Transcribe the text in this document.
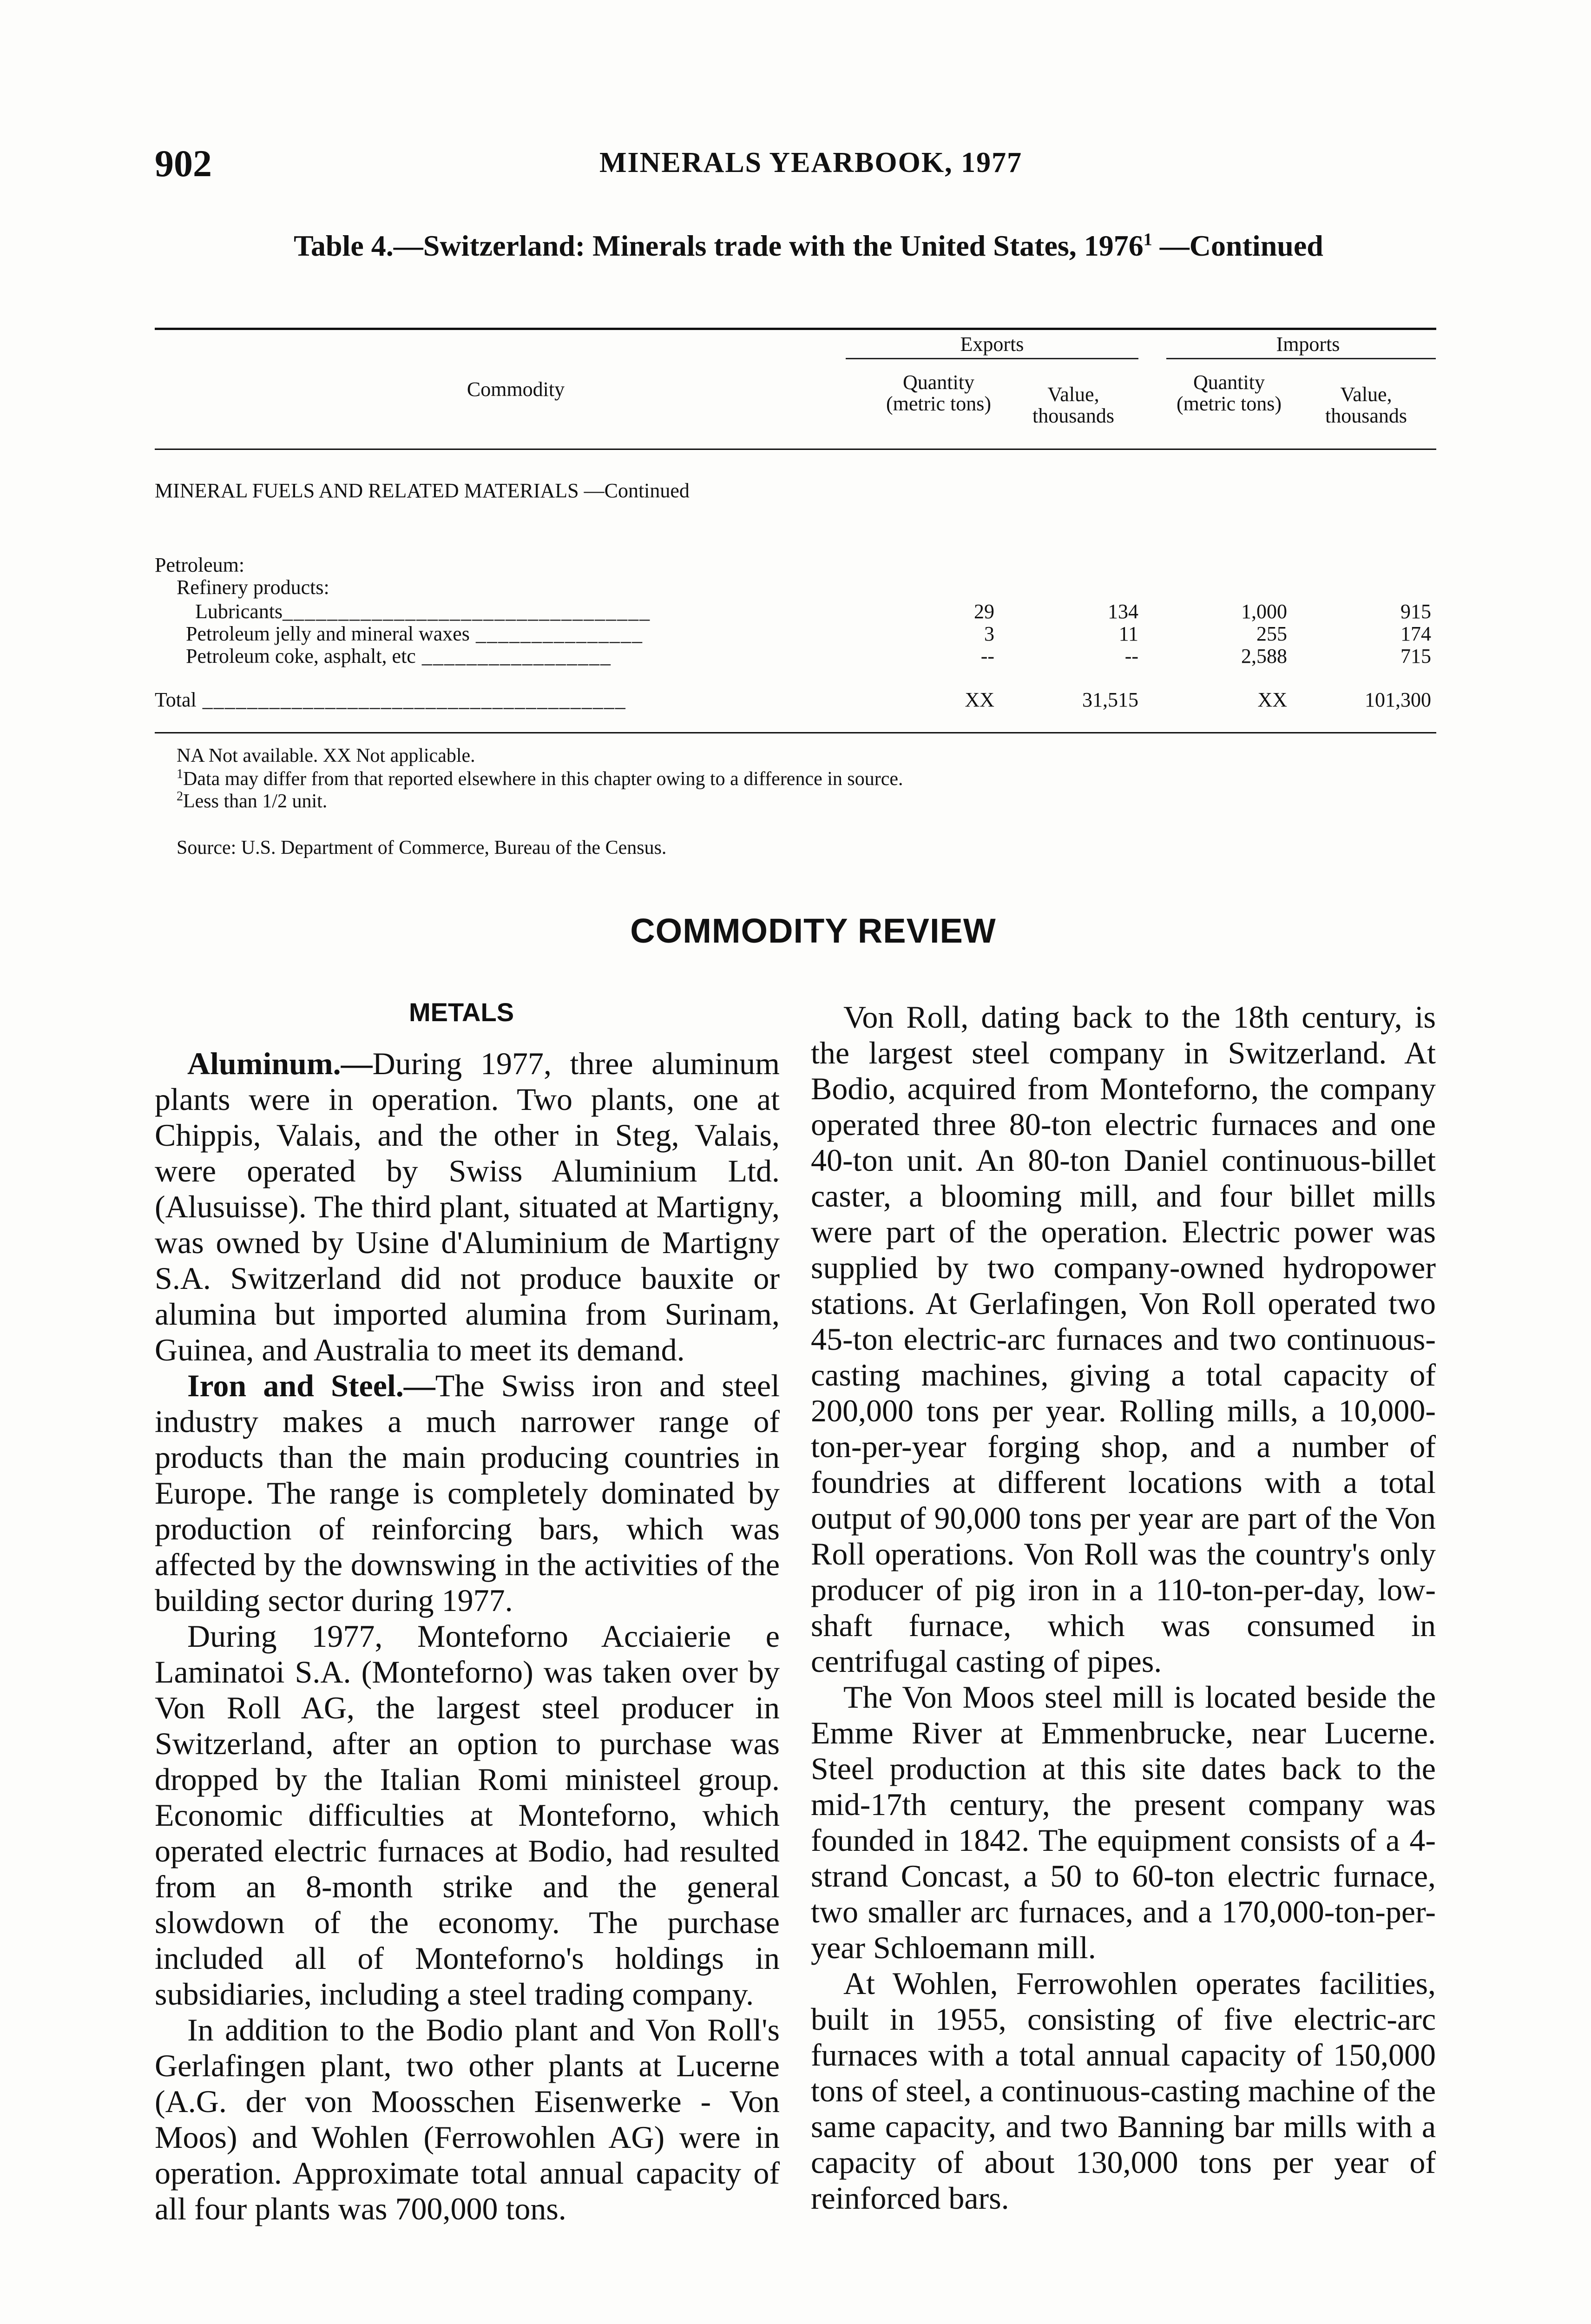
902	MINERALS YEARBOOK, 1977
Table 4.—Switzerland: Minerals trade with the United States, 1976$^1$ —Continued
Commodity
Exports	Imports
Quantity (metric tons)	Value, thousands
Quantity (metric tons)	Value, thousands
MINERAL FUELS AND RELATED MATERIALS —Continued
Petroleum:
Refinery products:
Lubricants_________________________________	29	134	1,000	915
Petroleum jelly and mineral waxes _______________	3	11	255	174
Petroleum coke, asphalt, etc _________________	--	--	2,588	715
Total ______________________________________	XX	31,515	XX	101,300
NA Not available. XX Not applicable.
$^1$Data may differ from that reported elsewhere in this chapter owing to a difference in source.
$^2$Less than 1/2 unit.
Source: U.S. Department of Commerce, Bureau of the Census.
COMMODITY REVIEW
METALS

Aluminum.—During 1977, three aluminum plants were in operation. Two plants, one at Chippis, Valais, and the other in Steg, Valais, were operated by Swiss Aluminium Ltd. (Alusuisse). The third plant, situated at Martigny, was owned by Usine d'Aluminium de Martigny S.A. Switzerland did not produce bauxite or alumina but imported alumina from Surinam, Guinea, and Australia to meet its demand.

Iron and Steel.—The Swiss iron and steel industry makes a much narrower range of products than the main producing countries in Europe. The range is completely dominated by production of reinforcing bars, which was affected by the downswing in the activities of the building sector during 1977.

During 1977, Monteforno Acciaierie e Laminatoi S.A. (Monteforno) was taken over by Von Roll AG, the largest steel producer in Switzerland, after an option to purchase was dropped by the Italian Romi ministeel group. Economic difficulties at Monteforno, which operated electric furnaces at Bodio, had resulted from an 8-month strike and the general slowdown of the economy. The purchase included all of Monteforno's holdings in subsidiaries, including a steel trading company.

In addition to the Bodio plant and Von Roll's Gerlafingen plant, two other plants at Lucerne (A.G. der von Moosschen Eisenwerke - Von Moos) and Wohlen (Ferrowohlen AG) were in operation. Approximate total annual capacity of all four plants was 700,000 tons.

Von Roll, dating back to the 18th century, is the largest steel company in Switzerland. At Bodio, acquired from Monteforno, the company operated three 80-ton electric furnaces and one 40-ton unit. An 80-ton Daniel continuous-billet caster, a blooming mill, and four billet mills were part of the operation. Electric power was supplied by two company-owned hydropower stations. At Gerlafingen, Von Roll operated two 45-ton electric-arc furnaces and two continuous-casting machines, giving a total capacity of 200,000 tons per year. Rolling mills, a 10,000-ton-per-year forging shop, and a number of foundries at different locations with a total output of 90,000 tons per year are part of the Von Roll operations. Von Roll was the country's only producer of pig iron in a 110-ton-per-day, low-shaft furnace, which was consumed in centrifugal casting of pipes.

The Von Moos steel mill is located beside the Emme River at Emmenbrucke, near Lucerne. Steel production at this site dates back to the mid-17th century, the present company was founded in 1842. The equipment consists of a 4-strand Concast, a 50 to 60-ton electric furnace, two smaller arc furnaces, and a 170,000-ton-per-year Schloemann mill.

At Wohlen, Ferrowohlen operates facilities, built in 1955, consisting of five electric-arc furnaces with a total annual capacity of 150,000 tons of steel, a continuous-casting machine of the same capacity, and two Banning bar mills with a capacity of about 130,000 tons per year of reinforced bars.
